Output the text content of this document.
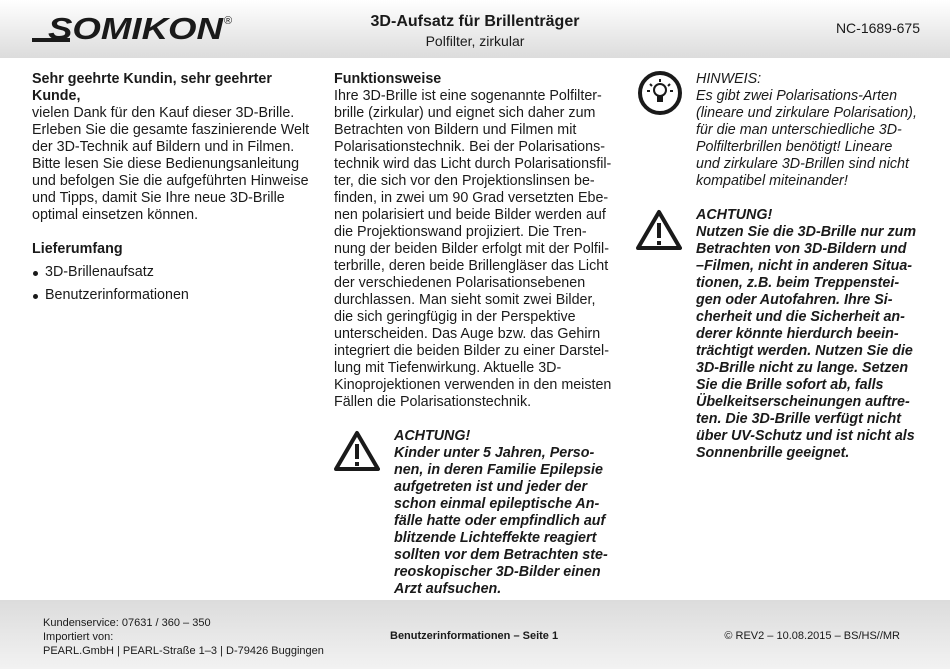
SOMIKON ®	3D-Aufsatz für Brillenträger
Polfilter, zirkular
NC-1689-675
Sehr geehrte Kundin, sehr geehrter Kunde,
vielen Dank für den Kauf dieser 3D-Brille. Erleben Sie die gesamte faszinierende Welt der 3D-Technik auf Bildern und in Filmen. Bitte lesen Sie diese Bedienungsanleitung und befolgen Sie die aufgeführten Hinweise und Tipps, damit Sie Ihre neue 3D-Brille optimal einsetzen können.
Lieferumfang
3D-Brillenaufsatz
Benutzerinformationen
Funktionsweise
Ihre 3D-Brille ist eine sogenannte Polfilter-
brille (zirkular) und eignet sich daher zum
Betrachten von Bildern und Filmen mit
Polarisationstechnik. Bei der Polarisations-
technik wird das Licht durch Polarisationsfil-
ter, die sich vor den Projektionslinsen be-
finden, in zwei um 90 Grad versetzten Ebe-
nen polarisiert und beide Bilder werden auf
die Projektionswand projiziert. Die Tren-
nung der beiden Bilder erfolgt mit der Polfil-
terbrille, deren beide Brillengläser das Licht
der verschiedenen Polarisationsebenen
durchlassen. Man sieht somit zwei Bilder,
die sich geringfügig in der Perspektive
unterscheiden. Das Auge bzw. das Gehirn
integriert die beiden Bilder zu einer Darstel-
lung mit Tiefenwirkung. Aktuelle 3D-
Kinoprojektionen verwenden in den meisten
Fällen die Polarisationstechnik.
ACHTUNG!
Kinder unter 5 Jahren, Perso-
nen, in deren Familie Epilepsie
aufgetreten ist und jeder der
schon einmal epileptische An-
fälle hatte oder empfindlich auf
blitzende Lichteffekte reagiert
sollten vor dem Betrachten ste-
reoskopischer 3D-Bilder einen
Arzt aufsuchen.
HINWEIS:
Es gibt zwei Polarisations-Arten
(lineare und zirkulare Polarisation),
für die man unterschiedliche 3D-
Polfilterbrillen benötigt! Lineare
und zirkulare 3D-Brillen sind nicht
kompatibel miteinander!
ACHTUNG!
Nutzen Sie die 3D-Brille nur zum
Betrachten von 3D-Bildern und
–Filmen, nicht in anderen Situa-
tionen, z.B. beim Treppenstei-
gen oder Autofahren. Ihre Si-
cherheit und die Sicherheit an-
derer könnte hierdurch beein-
trächtigt werden. Nutzen Sie die
3D-Brille nicht zu lange. Setzen
Sie die Brille sofort ab, falls
Übelkeitserscheinungen auftre-
ten. Die 3D-Brille verfügt nicht
über UV-Schutz und ist nicht als
Sonnenbrille geeignet.
Kundenservice: 07631 / 360 – 350
Importiert von:
PEARL.GmbH | PEARL-Straße 1–3 | D-79426 Buggingen
Benutzerinformationen – Seite 1	© REV2 – 10.08.2015 – BS/HS//MR
